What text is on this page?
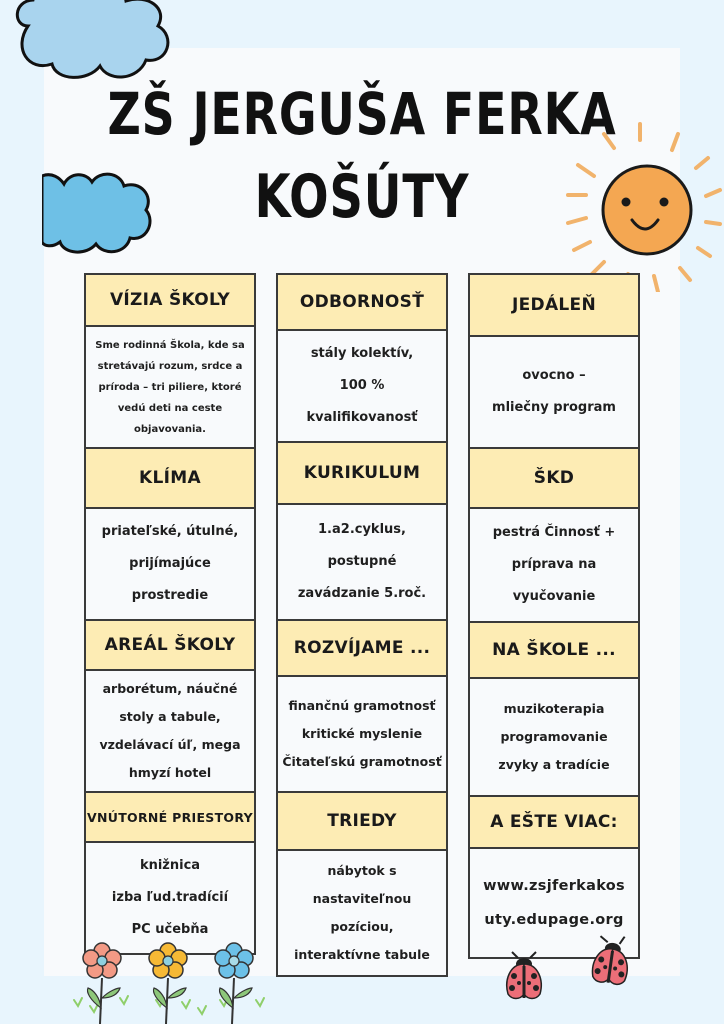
ZŠ JERGUŠA FERKA
KOŠÚTY
VÍZIA ŠKOLY
Sme rodinná Škola, kde sa
stretávajú rozum, srdce a
príroda – tri piliere, ktoré
vedú deti na ceste
objavovania.
KLÍMA
priateľské, útulné,
prijímajúce
prostredie
AREÁL ŠKOLY
arborétum, náučné
stoly a tabule,
vzdelávací úľ, mega
hmyzí hotel
VNÚTORNÉ PRIESTORY
knižnica
izba ľud.tradícií
PC učebňa
ODBORNOSŤ
stály kolektív,
100 %
kvalifikovanosť
KURIKULUM
1.a2.cyklus,
postupné
zavádzanie 5.roč.
ROZVÍJAME ...
finančnú gramotnosť
kritické myslenie
Čitateľskú gramotnosť
TRIEDY
nábytok s
nastaviteľnou
pozíciou,
interaktívne tabule
JEDÁLEŇ
ovocno –
mliečny program
ŠKD
pestrá Činnosť +
príprava na
vyučovanie
NA ŠKOLE ...
muzikoterapia
programovanie
zvyky a tradície
A EŠTE VIAC:
www.zsjferkakos
uty.edupage.org
